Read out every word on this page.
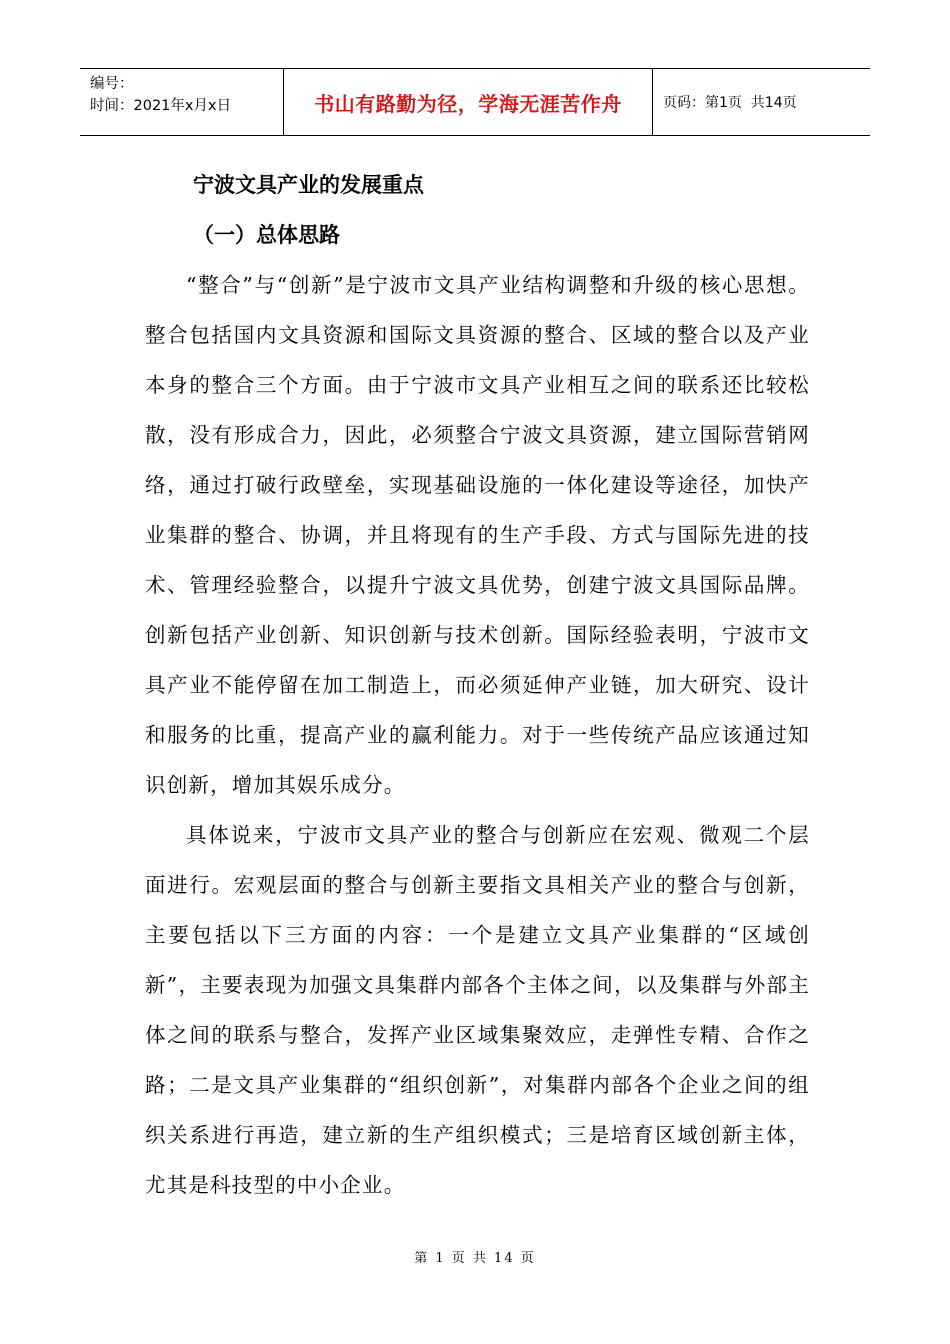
编号：
时间：2021年x月x日	书山有路勤为径，学海无涯苦作舟	页码：第1页  共14页
宁波文具产业的发展重点
（一）总体思路

“整合”与“创新”是宁波市文具产业结构调整和升级的核心思想。整合包括国内文具资源和国际文具资源的整合、区域的整合以及产业本身的整合三个方面。由于宁波市文具产业相互之间的联系还比较松散，没有形成合力，因此，必须整合宁波文具资源，建立国际营销网络，通过打破行政壁垒，实现基础设施的一体化建设等途径，加快产业集群的整合、协调，并且将现有的生产手段、方式与国际先进的技术、管理经验整合，以提升宁波文具优势，创建宁波文具国际品牌。创新包括产业创新、知识创新与技术创新。国际经验表明，宁波市文具产业不能停留在加工制造上，而必须延伸产业链，加大研究、设计和服务的比重，提高产业的赢利能力。对于一些传统产品应该通过知识创新，增加其娱乐成分。

具体说来，宁波市文具产业的整合与创新应在宏观、微观二个层面进行。宏观层面的整合与创新主要指文具相关产业的整合与创新，主要包括以下三方面的内容：一个是建立文具产业集群的“区域创新”，主要表现为加强文具集群内部各个主体之间，以及集群与外部主体之间的联系与整合，发挥产业区域集聚效应，走弹性专精、合作之路；二是文具产业集群的“组织创新”，对集群内部各个企业之间的组织关系进行再造，建立新的生产组织模式；三是培育区域创新主体，尤其是科技型的中小企业。

第 1 页 共 14 页
